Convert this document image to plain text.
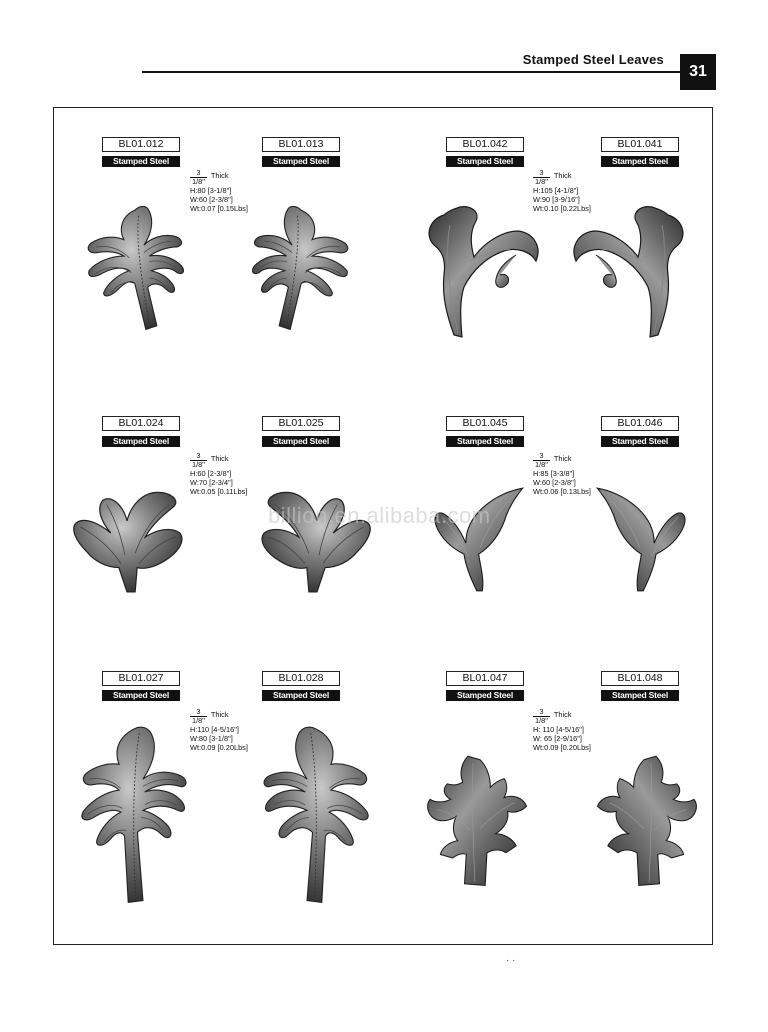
Stamped Steel Leaves
31
BL01.012
Stamped Steel
BL01.013
Stamped Steel
BL01.042
Stamped Steel
BL01.041
Stamped Steel
$\frac{3}{1/8"}$ Thick
H:80 [3-1/8"]
W:60 [2-3/8"]
Wt:0.07 [0.15Lbs]
$\frac{3}{1/8"}$ Thick
H:105 [4-1/8"]
W:90 [3-9/16"]
Wt:0.10 [0.22Lbs]
BL01.024
Stamped Steel
BL01.025
Stamped Steel
BL01.045
Stamped Steel
BL01.046
Stamped Steel
$\frac{3}{1/8"}$ Thick
H:60 [2-3/8"]
W:70 [2-3/4"]
Wt:0.05 [0.11Lbs]
$\frac{3}{1/8"}$ Thick
H:85 [3-3/8"]
W:60 [2-3/8"]
Wt:0.06 [0.13Lbs]
BL01.027
Stamped Steel
BL01.028
Stamped Steel
BL01.047
Stamped Steel
BL01.048
Stamped Steel
$\frac{3}{1/8"}$ Thick
H:110 [4-5/16"]
W:80 [3-1/8"]
Wt:0.09 [0.20Lbs]
$\frac{3}{1/8"}$ Thick
H: 110 [4-5/16"]
W: 65 [2-9/16"]
Wt:0.09 [0.20Lbs]
billion.en.alibaba.com
· ·
